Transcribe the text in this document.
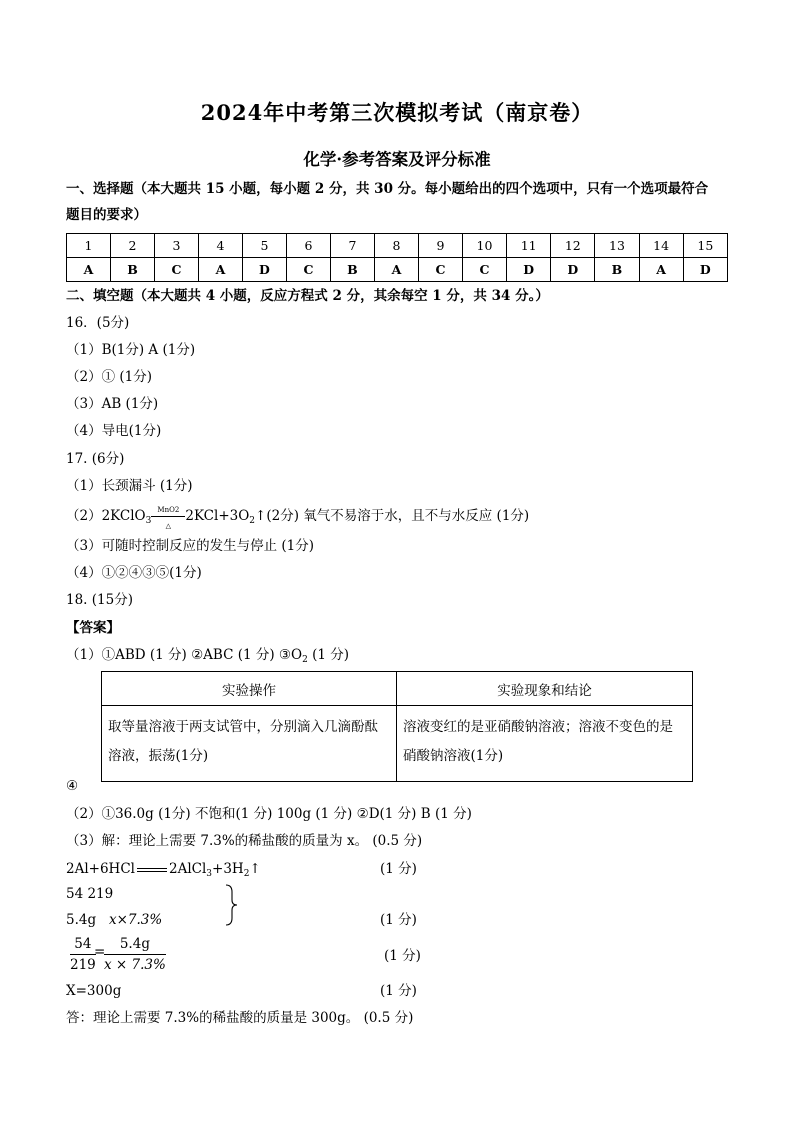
2024年中考第三次模拟考试（南京卷）
化学·参考答案及评分标准
一、选择题（本大题共 15 小题，每小题 2 分，共 30 分。每小题给出的四个选项中，只有一个选项最符合
题目的要求）
1	2	3	4	5	6	7	8	9	10	11	12	13	14	15
A	B	C	A	D	C	B	A	C	C	D	D	B	A	D
二、填空题（本大题共 4 小题，反应方程式 2 分，其余每空 1 分，共 34 分。）
16．(5分)
（1）B(1分) A (1分)
（2）① (1分)
（3）AB (1分)
（4）导电(1分)
17. (6分)
（1）长颈漏斗 (1分)
（2）2KClO$_3$
MnO2
△
$2KCl+3O_2↑(2$分) 氧气不易溶于水，且不与水反应 (1分)
（3）可随时控制反应的发生与停止 (1分)
（4）①②④③⑤(1分)
18. (15分)
【答案】
（1）①ABD (1 分) ②ABC (1 分) $③O_2$ (1 分)
实验操作	实验现象和结论
取等量溶液于两支试管中，分别滴入几滴酚酞溶液，振荡(1分)	溶液变红的是亚硝酸钠溶液；溶液不变色的是硝酸钠溶液(1分)
④
（2）①36.0g (1分) 不饱和(1 分) 100g (1 分) ②D(1 分) B (1 分)
（3）解：理论上需要 7.3%的稀盐酸的质量为 x。 (0.5 分)
2Al+6HCl	$2AlCl_3+3H_2↑$	(1 分)
54 219
5.4g x×7.3%	(1 分)
$\frac{54}{219}$
=
$\frac{5.4g}{x \times 7.3\%}$	(1 分)
X=300g	(1 分)
答：理论上需要 7.3%的稀盐酸的质量是 300g。 (0.5 分)
